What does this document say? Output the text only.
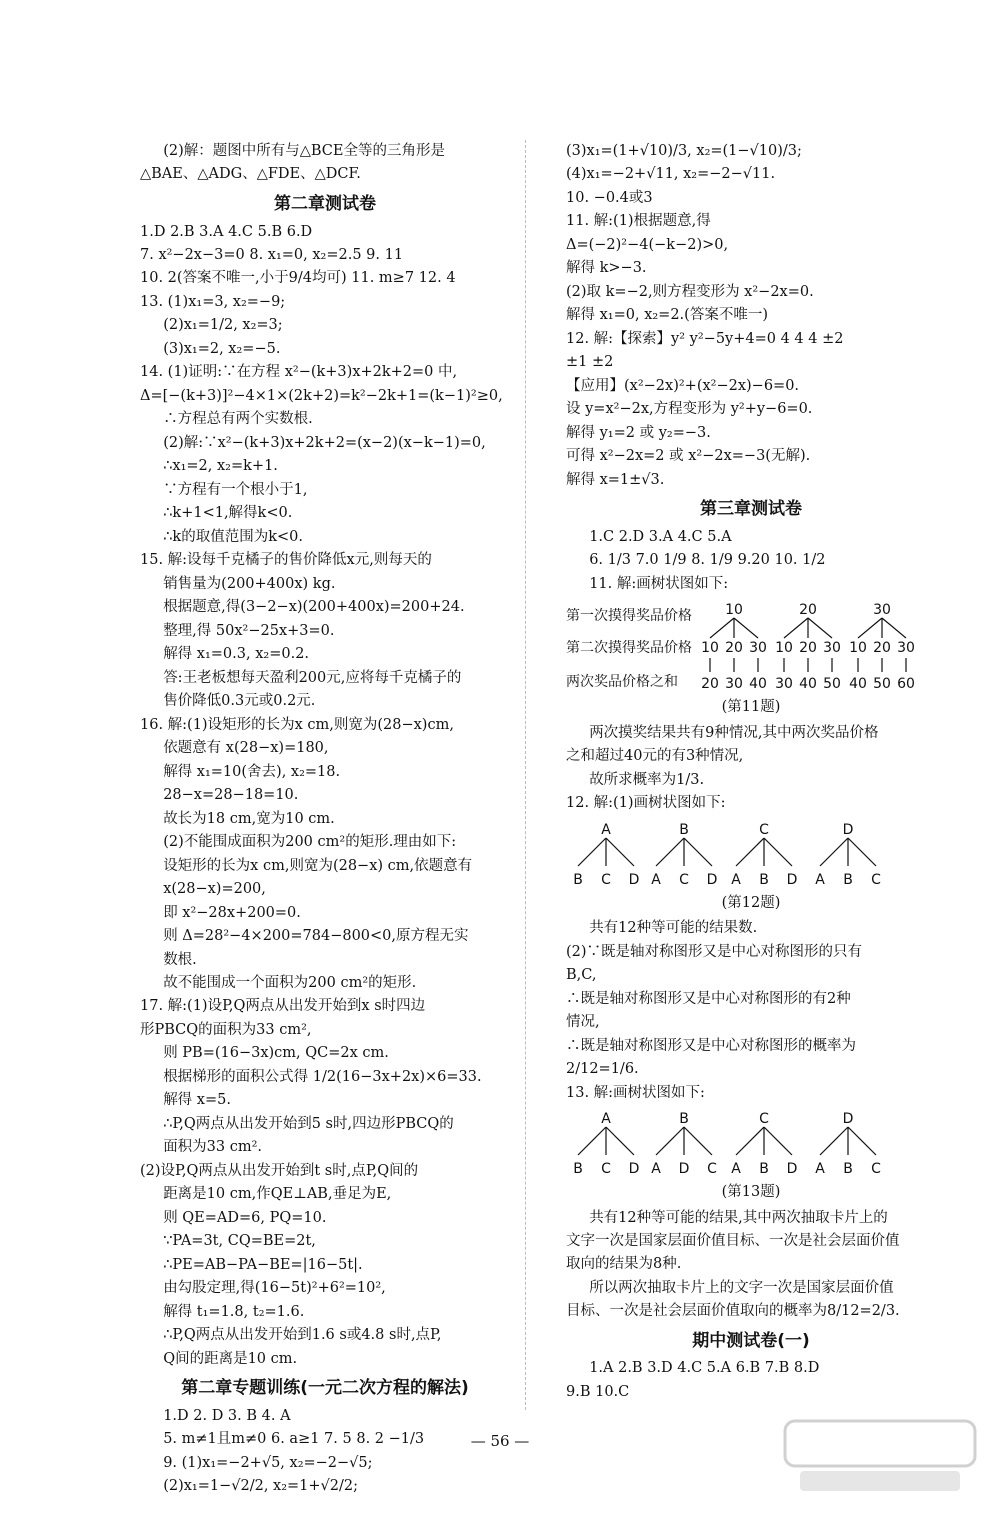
(2)解：题图中所有与△BCE全等的三角形是
△BAE、△ADG、△FDE、△DCF.
第二章测试卷
1.D 2.B 3.A 4.C 5.B 6.D
7. x²−2x−3=0 8. x₁=0, x₂=2.5 9. 11
10. 2(答案不唯一,小于9/4均可) 11. m≥7 12. 4
13. (1)x₁=3, x₂=−9;
(2)x₁=1/2, x₂=3;
(3)x₁=2, x₂=−5.
14. (1)证明:∵在方程 x²−(k+3)x+2k+2=0 中,
Δ=[−(k+3)]²−4×1×(2k+2)=k²−2k+1=(k−1)²≥0,
∴方程总有两个实数根.
(2)解:∵x²−(k+3)x+2k+2=(x−2)(x−k−1)=0,
∴x₁=2, x₂=k+1.
∵方程有一个根小于1,
∴k+1<1,解得k<0.
∴k的取值范围为k<0.
15. 解:设每千克橘子的售价降低x元,则每天的
销售量为(200+400x) kg.
根据题意,得(3−2−x)(200+400x)=200+24.
整理,得 50x²−25x+3=0.
解得 x₁=0.3, x₂=0.2.
答:王老板想每天盈利200元,应将每千克橘子的
售价降低0.3元或0.2元.
16. 解:(1)设矩形的长为x cm,则宽为(28−x)cm,
依题意有 x(28−x)=180,
解得 x₁=10(舍去), x₂=18.
28−x=28−18=10.
故长为18 cm,宽为10 cm.
(2)不能围成面积为200 cm²的矩形.理由如下:
设矩形的长为x cm,则宽为(28−x) cm,依题意有
x(28−x)=200,
即 x²−28x+200=0.
则 Δ=28²−4×200=784−800<0,原方程无实
数根.
故不能围成一个面积为200 cm²的矩形.
17. 解:(1)设P,Q两点从出发开始到x s时四边
形PBCQ的面积为33 cm²,
则 PB=(16−3x)cm, QC=2x cm.
根据梯形的面积公式得 1/2(16−3x+2x)×6=33.
解得 x=5.
∴P,Q两点从出发开始到5 s时,四边形PBCQ的
面积为33 cm².
(2)设P,Q两点从出发开始到t s时,点P,Q间的
距离是10 cm,作QE⊥AB,垂足为E,
则 QE=AD=6, PQ=10.
∵PA=3t, CQ=BE=2t,
∴PE=AB−PA−BE=|16−5t|.
由勾股定理,得(16−5t)²+6²=10²,
解得 t₁=1.8, t₂=1.6.
∴P,Q两点从出发开始到1.6 s或4.8 s时,点P,
Q间的距离是10 cm.
第二章专题训练(一元二次方程的解法)
1.D 2. D 3. B 4. A
5. m≠1且m≠0 6. a≥1 7. 5 8. 2 −1/3
9. (1)x₁=−2+√5, x₂=−2−√5;
(2)x₁=1−√2/2, x₂=1+√2/2;
(3)x₁=(1+√10)/3, x₂=(1−√10)/3;
(4)x₁=−2+√11, x₂=−2−√11.
10. −0.4或3
11. 解:(1)根据题意,得
Δ=(−2)²−4(−k−2)>0,
解得 k>−3.
(2)取 k=−2,则方程变形为 x²−2x=0.
解得 x₁=0, x₂=2.(答案不唯一)
12. 解:【探索】y² y²−5y+4=0 4 4 4 ±2
±1 ±2
【应用】(x²−2x)²+(x²−2x)−6=0.
设 y=x²−2x,方程变形为 y²+y−6=0.
解得 y₁=2 或 y₂=−3.
可得 x²−2x=2 或 x²−2x=−3(无解).
解得 x=1±√3.
第三章测试卷
1.C 2.D 3.A 4.C 5.A
6. 1/3 7.0 1/9 8. 1/9 9.20 10. 1/2
11. 解:画树状图如下:
第一次摸得奖品价格
第二次摸得奖品价格
两次奖品价格之和
10
10
20
20
30
30
40
20
10
30
20
40
30
50
30
10
40
20
50
30
60
(第11题)
两次摸奖结果共有9种情况,其中两次奖品价格
之和超过40元的有3种情况,
故所求概率为1/3.
12. 解:(1)画树状图如下:
A
B C D
B
A C D
C
A B D
D
A B C
(第12题)
共有12种等可能的结果数.
(2)∵既是轴对称图形又是中心对称图形的只有
B,C,
∴既是轴对称图形又是中心对称图形的有2种
情况,
∴既是轴对称图形又是中心对称图形的概率为
2/12=1/6.
13. 解:画树状图如下:
A
B C D
B
A D C
C
A B D
D
A B C
(第13题)
共有12种等可能的结果,其中两次抽取卡片上的
文字一次是国家层面价值目标、一次是社会层面价值
取向的结果为8种.
所以两次抽取卡片上的文字一次是国家层面价值
目标、一次是社会层面价值取向的概率为8/12=2/3.
期中测试卷(一)
1.A 2.B 3.D 4.C 5.A 6.B 7.B 8.D
9.B 10.C
— 56 —
